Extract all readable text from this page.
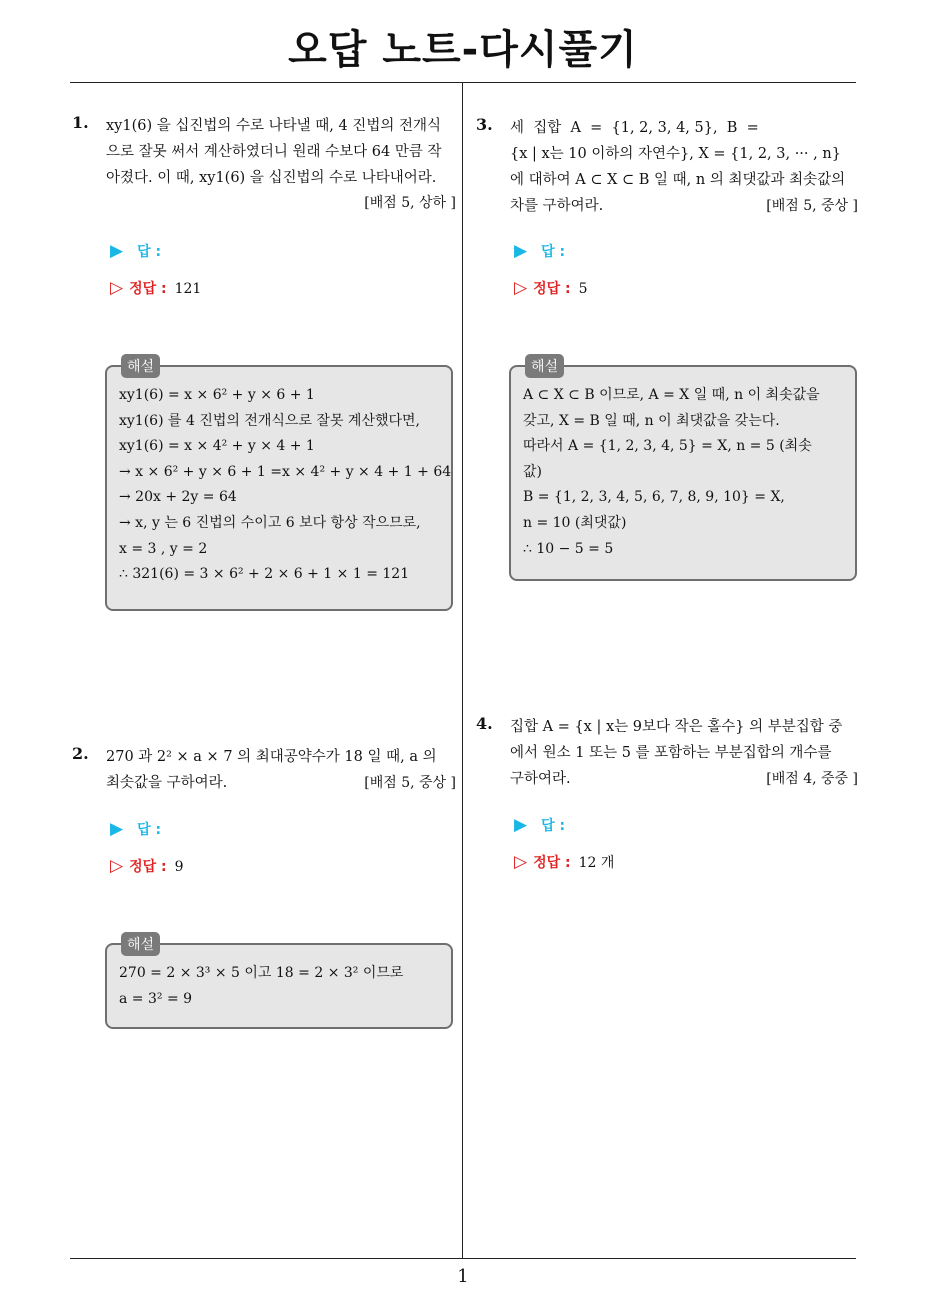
오답 노트-다시풀기
1
1. xy1(6) 을 십진법의 수로 나타낼 때, 4 진법의 전개식
으로 잘못 써서 계산하였더니 원래 수보다 64 만큼 작
아졌다. 이 때, xy1(6) 을 십진법의 수로 나타내어라.
[배점 5, 상하 ]
▶ 답 :
▷ 정답 : 121
해설
xy1(6) = x × 6² + y × 6 + 1
xy1(6) 를 4 진법의 전개식으로 잘못 계산했다면,
xy1(6) = x × 4² + y × 4 + 1
→ x × 6² + y × 6 + 1 =x × 4² + y × 4 + 1 + 64
→ 20x + 2y = 64
→ x, y 는 6 진법의 수이고 6 보다 항상 작으므로,
x = 3 , y = 2
∴ 321(6) = 3 × 6² + 2 × 6 + 1 × 1 = 121
2. 270 과 2² × a × 7 의 최대공약수가 18 일 때, a 의
최솟값을 구하여라.	[배점 5, 중상 ]
▶ 답 :
▷ 정답 : 9
해설
270 = 2 × 3³ × 5 이고 18 = 2 × 3² 이므로
a = 3² = 9
3. 세  집합  A  =  {1, 2, 3, 4, 5},  B  =
{x | x는 10 이하의 자연수}, X = {1, 2, 3, ··· , n}
에 대하여 A ⊂ X ⊂ B 일 때, n 의 최댓값과 최솟값의
차를 구하여라.	[배점 5, 중상 ]
▶ 답 :
▷ 정답 : 5
해설
A ⊂ X ⊂ B 이므로, A = X 일 때, n 이 최솟값을
갖고, X = B 일 때, n 이 최댓값을 갖는다.
따라서 A = {1, 2, 3, 4, 5} = X, n = 5 (최솟
값)
B = {1, 2, 3, 4, 5, 6, 7, 8, 9, 10} = X,
n = 10 (최댓값)
∴ 10 − 5 = 5
4. 집합 A = {x | x는 9보다 작은 홀수} 의 부분집합 중
에서 원소 1 또는 5 를 포함하는 부분집합의 개수를
구하여라.	[배점 4, 중중 ]
▶ 답 :
▷ 정답 : 12 개
